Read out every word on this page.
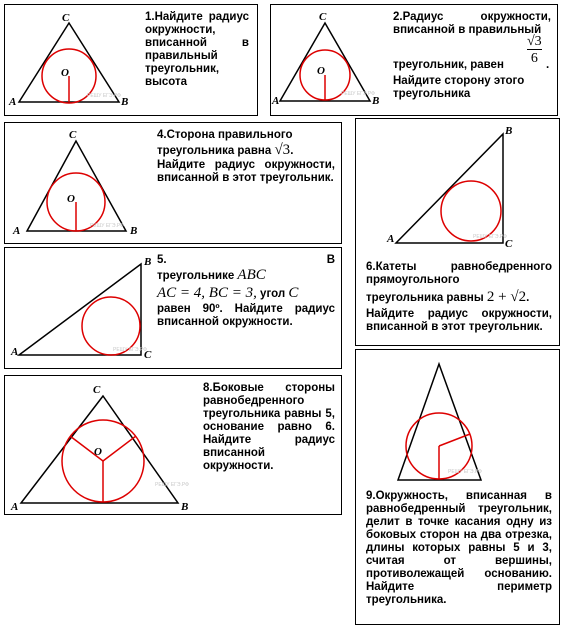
C
A	B
O
РЕШУ ЕГЭ.РФ
1.Найдите радиус окружности, вписанной в правильный треугольник, высота
C
A	B
O
РЕШУ ЕГЭ.РФ
2.Радиус окружности, вписанной в правильный
$\frac{√3}{6}$
треугольник, равен	.
Найдите сторону этого треугольника
C
A	B
O
РЕШУ ЕГЭ.РФ
4.Сторона правильного
треугольника равна √3.
Найдите радиус окружности, вписанной в этот треугольник.
B
A	C
РЕШУ ЕГЭ.РФ
6.Катеты равнобедренного прямоугольного
треугольника равны 2 + √2.
Найдите радиус окружности, вписанной в этот треугольник.
B
A	C
РЕШУ ЕГЭ.РФ
5.	В
треугольнике ABC
AC = 4, BC = 3, угол C
равен 90º. Найдите радиус вписанной окружности.
C
A	B
O
РЕШУ ЕГЭ.РФ
8.Боковые стороны равнобедренного треугольника равны 5, основание равно 6. Найдите радиус вписанной окружности.	РЕШУ ЕГЭ.РФ
9.Окружность, вписанная в равнобедренный треугольник, делит в точке касания одну из боковых сторон на два отрезка, длины которых равны 5 и 3, считая от вершины, противолежащей основанию. Найдите периметр треугольника.
